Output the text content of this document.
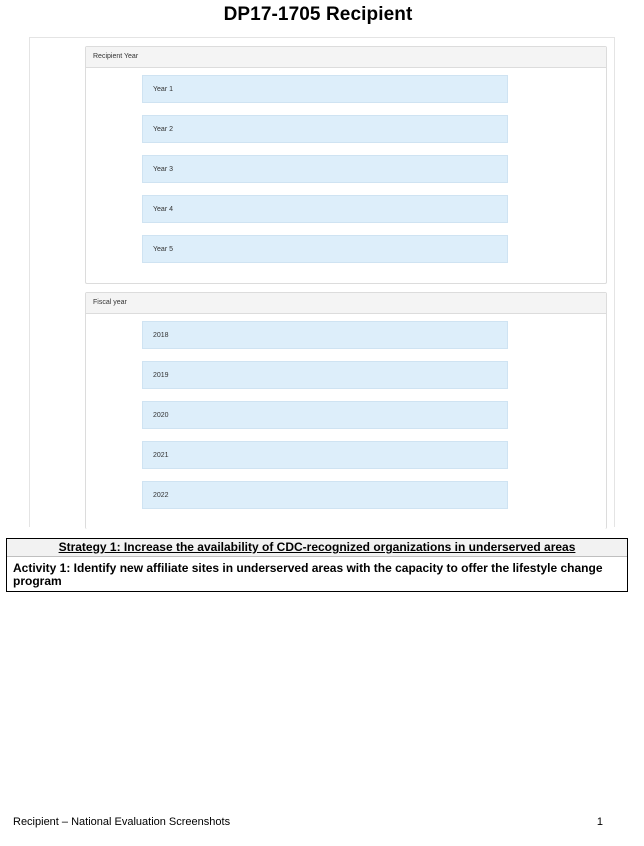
DP17-1705 Recipient
Recipient Year
Year 1
Year 2
Year 3
Year 4
Year 5
Fiscal year
2018
2019
2020
2021
2022
Strategy 1: Increase the availability of CDC-recognized organizations in underserved areas
Activity 1: Identify new affiliate sites in underserved areas with the capacity to offer the lifestyle change program
Recipient – National Evaluation Screenshots	1
